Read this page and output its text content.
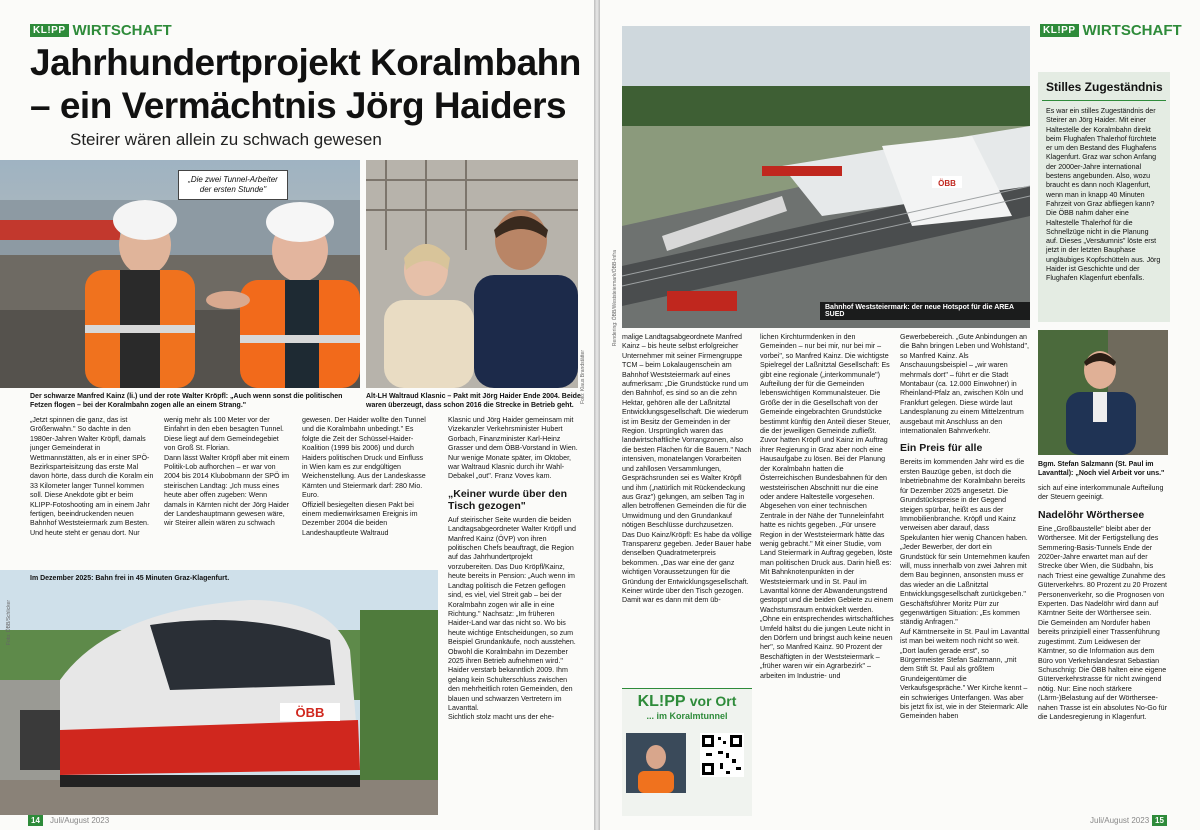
KL!PP WIRTSCHAFT
Jahrhundertprojekt Koralmbahn
– ein Vermächtnis Jörg Haiders
Steirer wären allein zu schwach gewesen
„Die zwei Tunnel-Arbeiter der ersten Stunde"
Foto: Klaus Brandstätter
Der schwarze Manfred Kainz (li.) und der rote Walter Kröpfl: „Auch wenn sonst die politischen Fetzen flogen – bei der Koralmbahn zogen alle an einem Strang."
Alt-LH Waltraud Klasnic – Pakt mit Jörg Haider Ende 2004. Beide waren überzeugt, dass schon 2016 die Strecke in Betrieb geht.

„Jetzt spinnen die ganz, das ist Größenwahn." So dachte in den 1980er-Jahren Walter Kröpfl, damals junger Gemeinderat in Wettmannstätten, als er in einer SPÖ-Bezirksparteisitzung das erste Mal davon hörte, dass durch die Koralm ein 33 Kilometer langer Tunnel kommen soll. Diese Anekdote gibt er beim KLIPP-Fotoshooting am in einem Jahr fertigen, beeindruckenden neuen Bahnhof Weststeiermark zum Besten. Und heute steht er genau dort. Nur

wenig mehr als 100 Meter vor der Einfahrt in den eben besagten Tunnel. Diese liegt auf dem Gemeindegebiet von Groß St. Florian.
Dann lässt Walter Kröpfl aber mit einem Politik-Lob aufhorchen – er war von 2004 bis 2014 Klubobmann der SPÖ im steirischen Landtag: „Ich muss eines heute aber offen zugeben: Wenn damals in Kärnten nicht der Jörg Haider der Landeshauptmann gewesen wäre, wir Steirer allein wären zu schwach

gewesen. Der Haider wollte den Tunnel und die Koralmbahn unbedingt." Es folgte die Zeit der Schüssel-Haider-Koalition (1999 bis 2006) und durch Haiders politischen Druck und Einfluss in Wien kam es zur endgültigen Weichenstellung. Aus der Landeskasse Kärnten und Steiermark darf: 280 Mio. Euro.
Offiziell besiegelten diesen Pakt bei einem medienwirksamen Ereignis im Dezember 2004 die beiden Landeshauptleute Waltraud

Klasnic und Jörg Haider gemeinsam mit Vizekanzler Verkehrsminister Hubert Gorbach, Finanzminister Karl-Heinz Grasser und dem ÖBB-Vorstand in Wien. Nur wenige Monate später, im Oktober, war Waltraud Klasnic durch ihr Wahl-Debakel „out". Franz Voves kam.

„Keiner wurde über den Tisch gezogen"

Auf steirischer Seite wurden die beiden Landtagsabgeordneter Walter Kröpfl und Manfred Kainz (ÖVP) von ihren politischen Chefs beauftragt, die Region auf das Jahrhundertprojekt vorzubereiten. Das Duo Kröpfl/Kainz, heute bereits in Pension: „Auch wenn im Landtag politisch die Fetzen geflogen sind, es viel, viel Streit gab – bei der Koralmbahn zogen wir alle in eine Richtung." Nachsatz: „Im früheren Haider-Land war das nicht so. Wo bis heute wichtige Entscheidungen, so zum Beispiel Grundankäufe, noch ausstehen. Obwohl die Koralmbahn im Dezember 2025 ihren Betrieb aufnehmen wird." Haider verstarb bekanntlich 2009. Ihm gelang kein Schulterschluss zwischen den mehrheitlich roten Gemeinden, den blauen und schwarzen Vertretern im Lavanttal.
Sichtlich stolz macht uns der ehe-

ÖBB
Im Dezember 2025: Bahn frei in 45 Minuten Graz-Klagenfurt.
Foto: ÖBB/Schlicker
14	Juli/August 2023
KL!PP WIRTSCHAFT
ÖBB
Bahnhof Weststeiermark: der neue Hotspot für die AREA SUED
Rendering: ÖBB/Weststeiermark/ÖBB-Infra
Stilles Zugeständnis
Es war ein stilles Zugeständnis der Steirer an Jörg Haider. Mit einer Haltestelle der Koralmbahn direkt beim Flughafen Thalerhof fürchtete er um den Bestand des Flughafens Klagenfurt. Graz war schon Anfang der 2000er-Jahre international bestens angebunden. Also, wozu braucht es dann noch Klagenfurt, wenn man in knapp 40 Minuten Fahrzeit von Graz abfliegen kann? Die ÖBB nahm daher eine Haltestelle Thalerhof für die Schnellzüge nicht in die Planung auf. Dieses „Versäumnis" löste erst jetzt in der letzten Bauphase ungläubiges Kopfschütteln aus. Jörg Haider ist Geschichte und der Flughafen Klagenfurt ebenfalls.
Bgm. Stefan Salzmann (St. Paul im Lavanttal): „Noch viel Arbeit vor uns."

malige Landtagsabgeordnete Manfred Kainz – bis heute selbst erfolgreicher Unternehmer mit seiner Firmengruppe TCM – beim Lokalaugenschein am Bahnhof Weststeiermark auf eines aufmerksam: „Die Grundstücke rund um den Bahnhof, es sind so an die zehn Hektar, gehören alle der Laßnitztal Entwicklungsgesellschaft. Die wiederum ist im Besitz der Gemeinden in der Region. Ursprünglich waren das landwirtschaftliche Vorrangzonen, also die besten Flächen für die Bauern." Nach intensiven, monatelangen Vorarbeiten und zahllosen Versammlungen, Gesprächsrunden sei es Walter Kröpfl und ihm („natürlich mit Rückendeckung aus Graz") gelungen, am selben Tag in allen betroffenen Gemeinden die für die Umwidmung und den Grundankauf nötigen Beschlüsse durchzusetzen.
Das Duo Kainz/Kröpfl: Es habe da völlige Transparenz gegeben. Jeder Bauer habe denselben Quadratmeterpreis bekommen. „Das war eine der ganz wichtigen Voraussetzungen für die Gründung der Entwicklungsgesellschaft. Keiner würde über den Tisch gezogen. Damit war es dann mit dem üb-

KL!PP vor Ort
... im Koralmtunnel

lichen Kirchturmdenken in den Gemeinden – nur bei mir, nur bei mir – vorbei", so Manfred Kainz. Die wichtigste Spielregel der Laßnitztal Gesellschaft: Es gibt eine regionale („interkommunale") Aufteilung der für die Gemeinden lebenswichtigen Kommunalsteuer. Die Größe der in die Gesellschaft von der Gemeinde eingebrachten Grundstücke bestimmt künftig den Anteil dieser Steuer, die der jeweiligen Gemeinde zufließt.
Zuvor hatten Kröpfl und Kainz im Auftrag ihrer Regierung in Graz aber noch eine Hausaufgabe zu lösen. Bei der Planung der Koralmbahn hatten die Österreichischen Bundesbahnen für den weststeirischen Abschnitt nur die eine oder andere Haltestelle vorgesehen. Abgesehen von einer technischen Zentrale in der Nähe der Tunneleinfahrt hatte es nichts gegeben. „Für unsere Region in der Weststeiermark hätte das wenig gebracht." Mit einer Studie, vom Land Steiermark in Auftrag gegeben, löste man politischen Druck aus. Darin hieß es: Mit Bahnknotenpunkten in der Weststeiermark und in St. Paul im Lavanttal könne der Abwanderungstrend gestoppt und die beiden Gebiete zu einem Wachstumsraum entwickelt werden.
„Ohne ein entsprechendes wirtschaftliches Umfeld hältst du die jungen Leute nicht in den Dörfern und bringst auch keine neuen her", so Manfred Kainz. 90 Prozent der Beschäftigten in der Weststeiermark – „früher waren wir ein Agrarbezirk" – arbeiten im Industrie- und

Gewerbebereich. „Gute Anbindungen an die Bahn bringen Leben und Wohlstand", so Manfred Kainz. Als Anschauungsbeispiel – „wir waren mehrmals dort" – führt er die Stadt Montabaur (ca. 12.000 Einwohner) in Rheinland-Pfalz an, zwischen Köln und Frankfurt gelegen. Diese würde laut Landesplanung zu einem Mittelzentrum ausgebaut mit Anschluss an den internationalen Bahnverkehr.

Ein Preis für alle

Bereits im kommenden Jahr wird es die ersten Bauzüge geben, ist doch die Inbetriebnahme der Koralmbahn bereits für Dezember 2025 angesetzt. Die Grundstückspreise in der Gegend steigen spürbar, heißt es aus der Immobilienbranche. Kröpfl und Kainz verweisen aber darauf, dass Spekulanten hier wenig Chancen haben. „Jeder Bewerber, der dort ein Grundstück für sein Unternehmen kaufen will, muss innerhalb von zwei Jahren mit dem Bau beginnen, ansonsten muss er das wieder an die Laßnitztal Entwicklungsgesellschaft zurückgeben." Geschäftsführer Moritz Pürr zur gegenwärtigen Situation: „Es kommen ständig Anfragen."
Auf Kärntnerseite in St. Paul im Lavanttal ist man bei weitem noch nicht so weit. „Dort laufen gerade erst", so Bürgermeister Stefan Salzmann, „mit dem Stift St. Paul als größtem Grundeigentümer die Verkaufsgespräche." Wer Kirche kennt – ein schwieriges Unterfangen. Was aber bis jetzt fix ist, wie in der Steiermark: Alle Gemeinden haben

sich auf eine interkommunale Aufteilung der Steuern geeinigt.

Nadelöhr Wörthersee

Eine „Großbaustelle" bleibt aber der Wörthersee. Mit der Fertigstellung des Semmering-Basis-Tunnels Ende der 2020er-Jahre erwartet man auf der Strecke über Wien, die Südbahn, bis nach Triest eine gewaltige Zunahme des Güterverkehrs. 80 Prozent zu 20 Prozent Personenverkehr, so die Prognosen von Experten. Das Nadelöhr wird dann auf Kärntner Seite der Wörthersee sein.
Die Gemeinden am Nordufer haben bereits prinzipiell einer Trassenführung zugestimmt. Zum Leidwesen der Kärntner, so die Information aus dem Büro von Verkehrslandesrat Sebastian Schuschnig: Die ÖBB halten eine eigene Güterverkehrstrasse für nicht zwingend nötig. Nur: Eine noch stärkere (Lärm-)Belastung auf der Wörthersee-nahen Trasse ist ein absolutes No-Go für die Landesregierung in Klagenfurt.

Juli/August 2023 15
